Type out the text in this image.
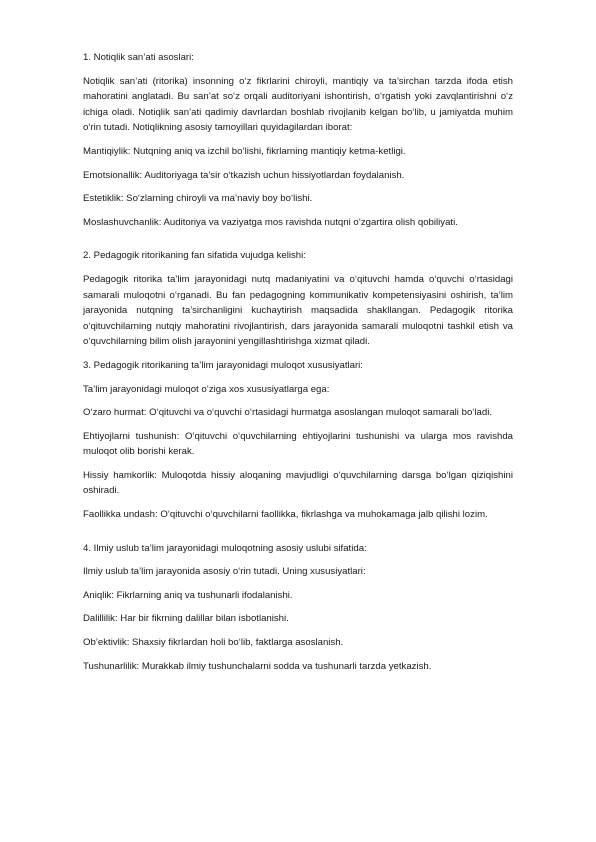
1. Notiqlik san’ati asoslari:

Notiqlik san’ati (ritorika) insonning o‘z fikrlarini chiroyli, mantiqiy va ta’sirchan tarzda ifoda etish mahoratini anglatadi. Bu san’at so‘z orqali auditoriyani ishontirish, o‘rgatish yoki zavqlantirishni o‘z ichiga oladi. Notiqlik san’ati qadimiy davrlardan boshlab rivojlanib kelgan bo‘lib, u jamiyatda muhim o‘rin tutadi. Notiqlikning asosiy tamoyillari quyidagilardan iborat:

Mantiqiylik: Nutqning aniq va izchil bo‘lishi, fikrlarning mantiqiy ketma-ketligi.

Emotsionallik: Auditoriyaga ta’sir o‘tkazish uchun hissiyotlardan foydalanish.

Estetiklik: So‘zlarning chiroyli va ma’naviy boy bo‘lishi.

Moslashuvchanlik: Auditoriya va vaziyatga mos ravishda nutqni o‘zgartira olish qobiliyati.

2. Pedagogik ritorikaning fan sifatida vujudga kelishi:

Pedagogik ritorika ta’lim jarayonidagi nutq madaniyatini va o‘qituvchi hamda o‘quvchi o‘rtasidagi samarali muloqotni o‘rganadi. Bu fan pedagogning kommunikativ kompetensiyasini oshirish, ta’lim jarayonida nutqning ta’sirchanligini kuchaytirish maqsadida shakllangan. Pedagogik ritorika o‘qituvchilarning nutqiy mahoratini rivojlantirish, dars jarayonida samarali muloqotni tashkil etish va o‘quvchilarning bilim olish jarayonini yengillashtirishga xizmat qiladi.

3. Pedagogik ritorikaning ta’lim jarayonidagi muloqot xususiyatlari:

Ta’lim jarayonidagi muloqot o‘ziga xos xususiyatlarga ega:

O‘zaro hurmat: O‘qituvchi va o‘quvchi o‘rtasidagi hurmatga asoslangan muloqot samarali bo‘ladi.

Ehtiyojlarni tushunish: O‘qituvchi o‘quvchilarning ehtiyojlarini tushunishi va ularga mos ravishda muloqot olib borishi kerak.

Hissiy hamkorlik: Muloqotda hissiy aloqaning mavjudligi o‘quvchilarning darsga bo‘lgan qiziqishini oshiradi.

Faollikka undash: O‘qituvchi o‘quvchilarni faollikka, fikrlashga va muhokamaga jalb qilishi lozim.

4. Ilmiy uslub ta’lim jarayonidagi muloqotning asosiy uslubi sifatida:

Ilmiy uslub ta’lim jarayonida asosiy o‘rin tutadi. Uning xususiyatlari:

Aniqlik: Fikrlarning aniq va tushunarli ifodalanishi.

Dalillilik: Har bir fikrning dalillar bilan isbotlanishi.

Ob’ektivlik: Shaxsiy fikrlardan holi bo‘lib, faktlarga asoslanish.

Tushunarlilik: Murakkab ilmiy tushunchalarni sodda va tushunarli tarzda yetkazish.
